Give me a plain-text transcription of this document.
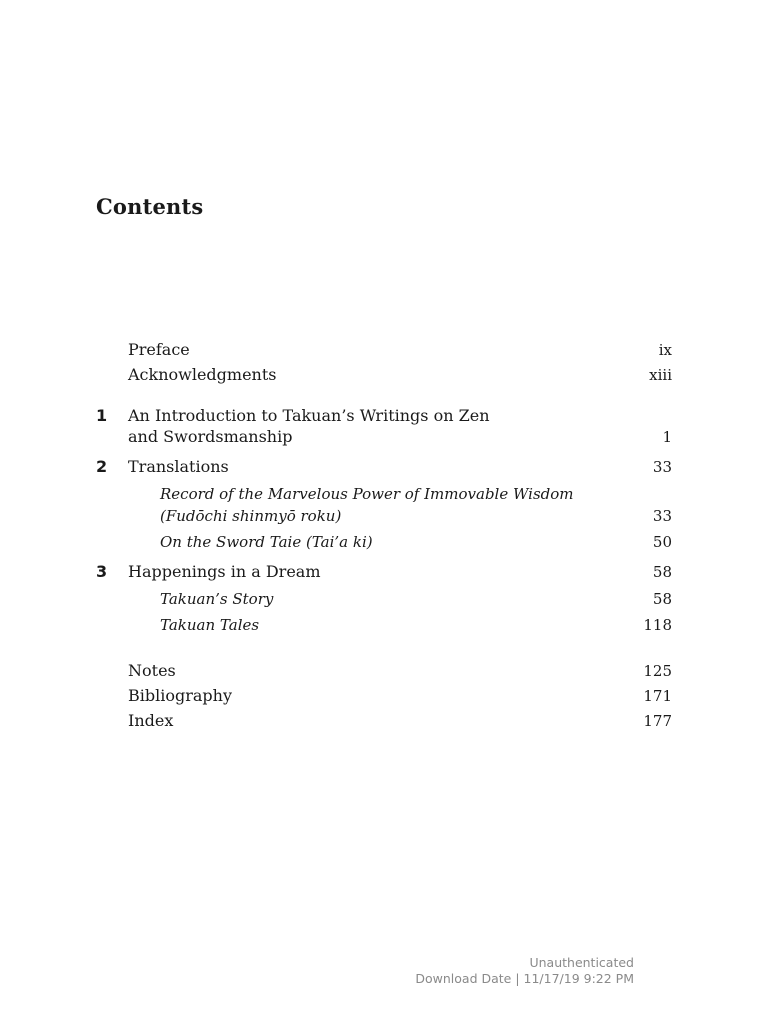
Contents
Preface	ix
Acknowledgments	xiii
1 An Introduction to Takuan’s Writings on Zen
and Swordsmanship	1
2 Translations	33
Record of the Marvelous Power of Immovable Wisdom
(Fudōchi shinmyō roku)	33
On the Sword Taie (Tai’a ki)	50
3 Happenings in a Dream	58
Takuan’s Story	58
Takuan Tales	118
Notes	125
Bibliography	171
Index	177
Unauthenticated
Download Date | 11/17/19 9:22 PM
